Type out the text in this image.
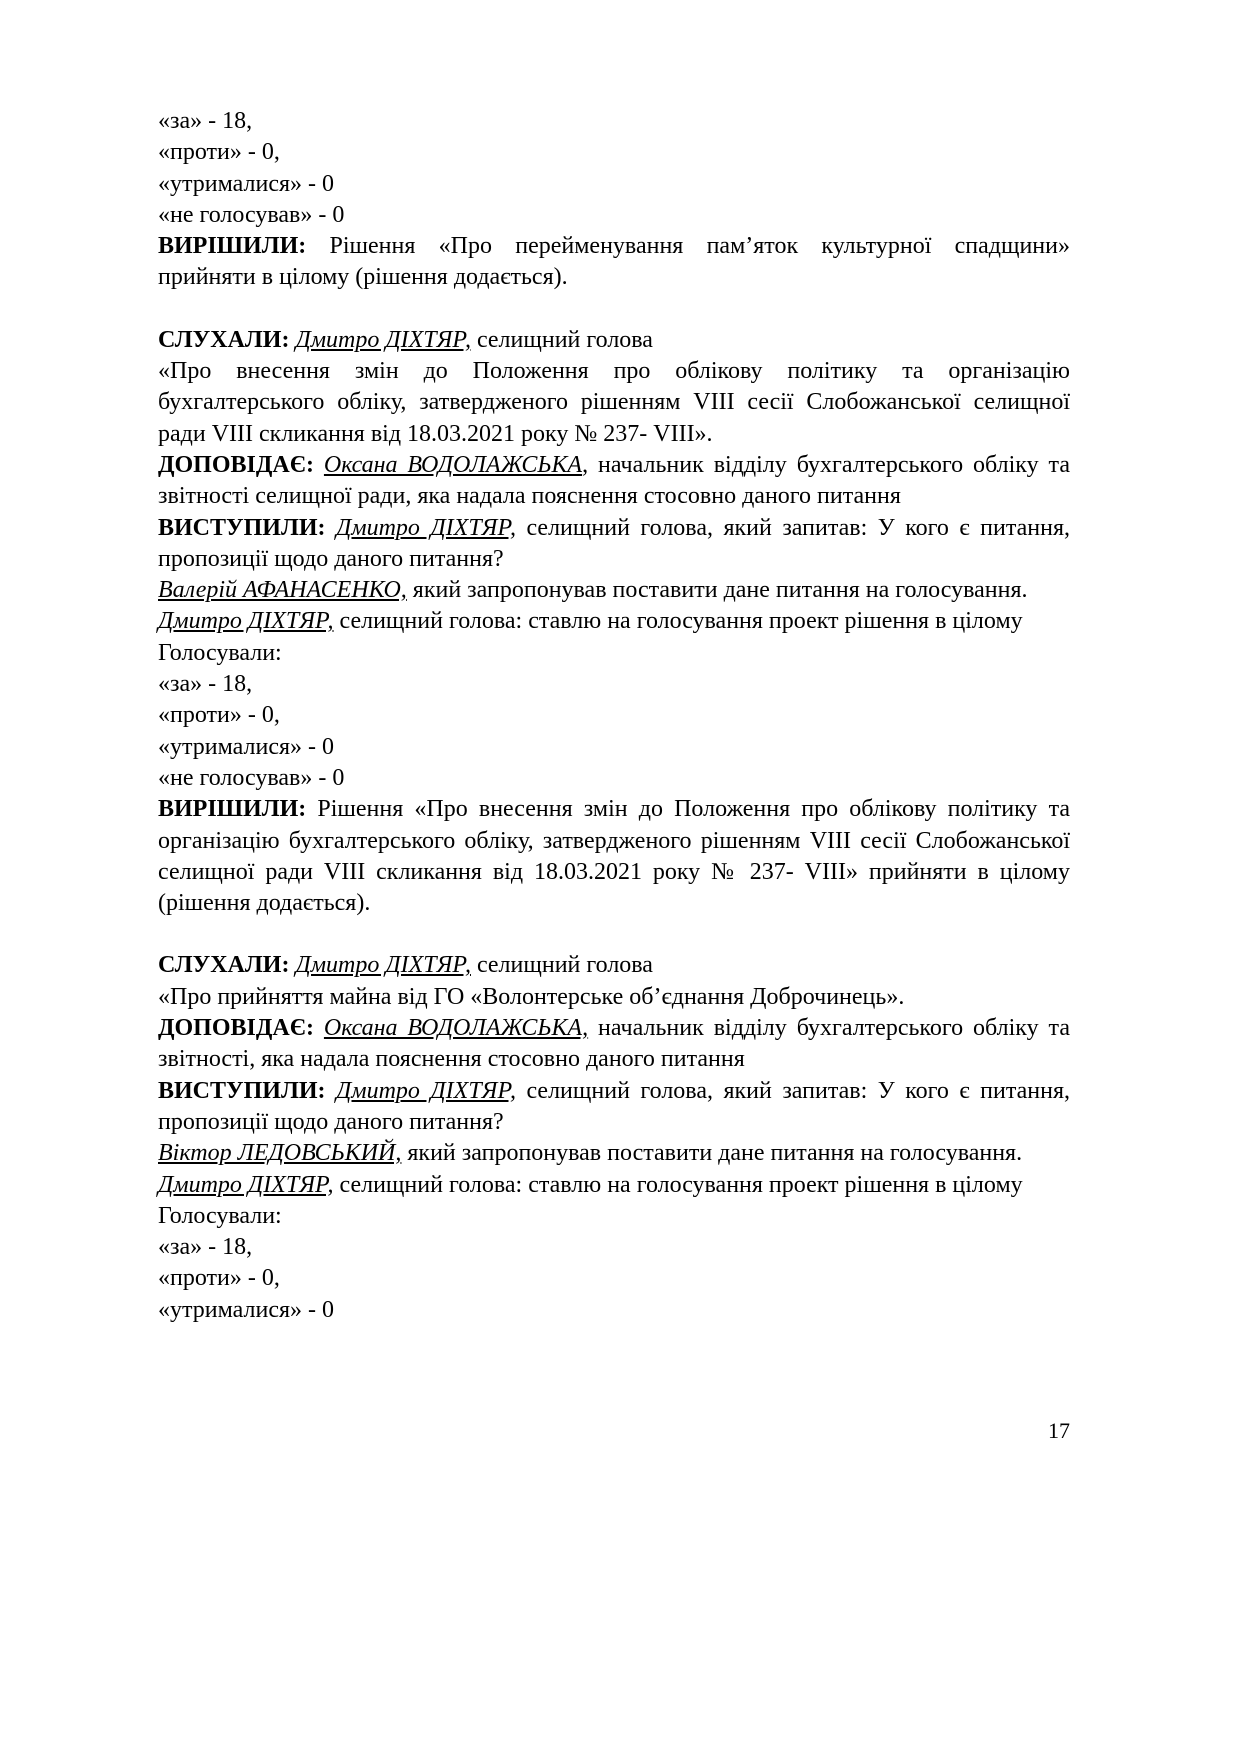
«за» - 18,

«проти» - 0,

«утрималися» - 0

«не голосував» - 0

ВИРІШИЛИ: Рішення «Про перейменування пам’яток культурної спадщини» прийняти в цілому (рішення додається).

СЛУХАЛИ: Дмитро ДІХТЯР, селищний голова

«Про внесення змін до Положення про облікову політику та організацію бухгалтерського обліку, затвердженого рішенням VIII сесії Слобожанської селищної ради VIII скликання від 18.03.2021 року № 237- VІІІ».

ДОПОВІДАЄ: Оксана ВОДОЛАЖСЬКА, начальник відділу бухгалтерського обліку та звітності селищної ради, яка надала пояснення стосовно даного питання

ВИСТУПИЛИ: Дмитро ДІХТЯР, селищний голова, який запитав: У кого є питання, пропозиції щодо даного питання?

Валерій АФАНАСЕНКО, який запропонував поставити дане питання на голосування.

Дмитро ДІХТЯР, селищний голова: ставлю на голосування проект рішення в цілому

Голосували:

«за» - 18,

«проти» - 0,

«утрималися» - 0

«не голосував» - 0

ВИРІШИЛИ: Рішення «Про внесення змін до Положення про облікову політику та організацію бухгалтерського обліку, затвердженого рішенням VIII сесії Слобожанської селищної ради VIII скликання від 18.03.2021 року № 237- VІІІ» прийняти в цілому (рішення додається).

СЛУХАЛИ: Дмитро ДІХТЯР, селищний голова

«Про прийняття майна від ГО «Волонтерське об’єднання Доброчинець».

ДОПОВІДАЄ: Оксана ВОДОЛАЖСЬКА, начальник відділу бухгалтерського обліку та звітності, яка надала пояснення стосовно даного питання

ВИСТУПИЛИ: Дмитро ДІХТЯР, селищний голова, який запитав: У кого є питання, пропозиції щодо даного питання?

Віктор ЛЕДОВСЬКИЙ, який запропонував поставити дане питання на голосування.

Дмитро ДІХТЯР, селищний голова: ставлю на голосування проект рішення в цілому

Голосували:

«за» - 18,

«проти» - 0,

«утрималися» - 0

17
